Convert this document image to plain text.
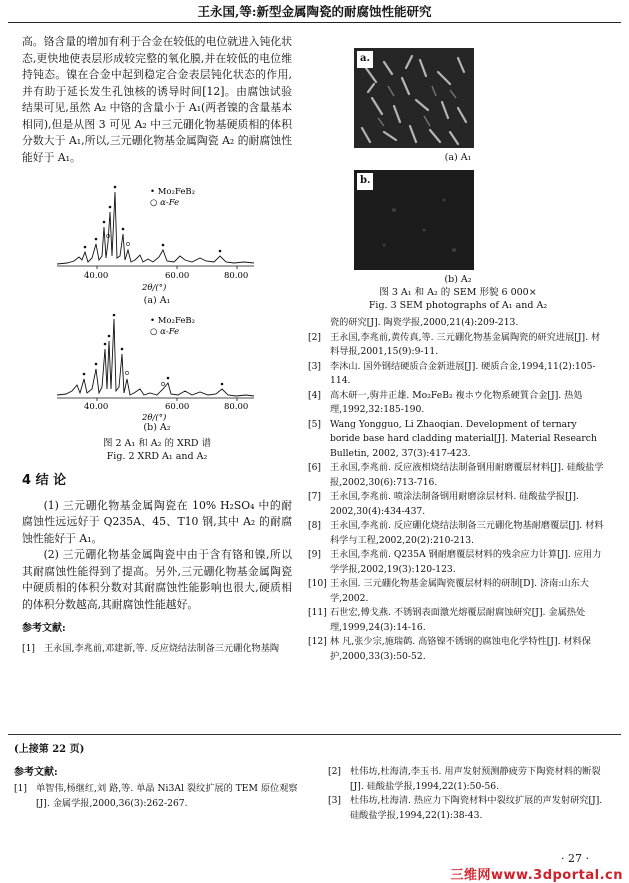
王永国,等:新型金属陶瓷的耐腐蚀性能研究

高。铬含量的增加有利于合金在较低的电位就进入钝化状态,更快地使表层形成较完整的氧化膜,并在较低的电位维持钝态。镍在合金中起到稳定合金表层钝化状态的作用,并有助于延长发生孔蚀核的诱导时间[12]。由腐蚀试验结果可见,虽然 A₂ 中铬的含量小于 A₁(两者镍的含量基本相同),但是从图 3 可见 A₂ 中三元硼化物基硬质相的体积分数大于 A₁,所以,三元硼化物基金属陶瓷 A₂ 的耐腐蚀性能好于 A₁。

40.00	60.00	80.00
2θ/(°)
• Mo₂FeB₂
○ α-Fe
(a) A₁
40.00	60.00	80.00
2θ/(°)
• Mo₂FeB₂
○ α-Fe
(b) A₂
图 2 A₁ 和 A₂ 的 XRD 谱
Fig. 2 XRD A₁ and A₂
4 结 论

(1) 三元硼化物基金属陶瓷在 10% H₂SO₄ 中的耐腐蚀性远远好于 Q235A、45、T10 钢,其中 A₂ 的耐腐蚀性能好于 A₁。

(2) 三元硼化物基金属陶瓷中由于含有铬和镍,所以其耐腐蚀性能得到了提高。另外,三元硼化物基金属陶瓷中硬质相的体积分数对其耐腐蚀性能影响也很大,硬质相的体积分数越高,其耐腐蚀性能越好。

参考文献:
[1] 王永国,李兆前,邓建新,等. 反应烧结法制备三元硼化物基陶
a.
(a) A₁
b.
(b) A₂
图 3 A₁ 和 A₂ 的 SEM 形貌 6 000×
Fig. 3 SEM photographs of A₁ and A₂
瓷的研究[J]. 陶瓷学报,2000,21(4):209-213.
[2] 王永国,李兆前,黄传真,等. 三元硼化物基金属陶瓷的研究进展[J]. 材料导报,2001,15(9):9-11.
[3] 李沐山. 国外钢结硬质合金新进展[J]. 硬质合金,1994,11(2):105-114.
[4] 高木研一,驹井正雄. Mo₂FeB₂ 複ホウ化物系硬質合金[J]. 热処理,1992,32:185-190.
[5] Wang Yongguo, Li Zhaoqian. Development of ternary boride base hard cladding material[J]. Material Research Bulletin, 2002, 37(3):417-423.
[6] 王永国,李兆前. 反应液相烧结法制备钢用耐磨覆层材料[J]. 硅酸盐学报,2002,30(6):713-716.
[7] 王永国,李兆前. 喷涂法制备钢用耐磨涂层材料. 硅酸盐学报[J]. 2002,30(4):434-437.
[8] 王永国,李兆前. 反应硼化烧结法制备三元硼化物基耐磨覆层[J]. 材料科学与工程,2002,20(2):210-213.
[9] 王永国,李兆前. Q235A 钢耐磨覆层材料的残余应力计算[J]. 应用力学学报,2002,19(3):120-123.
[10] 王永国. 三元硼化物基金属陶瓷覆层材料的研制[D]. 济南:山东大学,2002.
[11] 石世宏,傅戈燕. 不锈钢表面激光熔覆层耐腐蚀研究[J]. 金属热处理,1999,24(3):14-16.
[12] 林 凡,张少宗,施瑞鹤. 高铬镍不锈钢的腐蚀电化学特性[J]. 材料保护,2000,33(3):50-52.
(上接第 22 页)
参考文献:
[1] 单智伟,杨继红,刘 路,等. 单晶 Ni3Al 裂纹扩展的 TEM 原位观察[J]. 金属学报,2000,36(3):262-267.
[2] 杜伟坊,杜海清,李玉书. 用声发射预测静疲劳下陶瓷材料的断裂[J]. 硅酸盐学报,1994,22(1):50-56.
[3] 杜伟坊,杜海清. 热应力下陶瓷材料中裂纹扩展的声发射研究[J]. 硅酸盐学报,1994,22(1):38-43.
· 27 ·
三维网www.3dportal.cn
